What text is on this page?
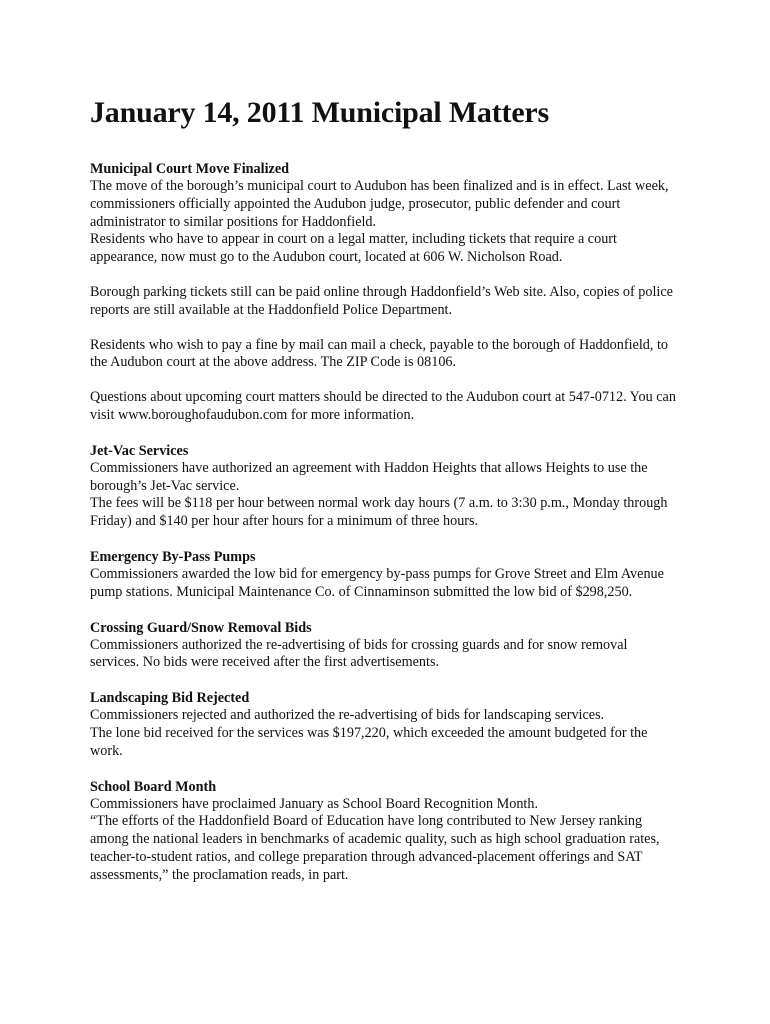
January 14, 2011 Municipal Matters
Municipal Court Move Finalized

The move of the borough’s municipal court to Audubon has been finalized and is in effect. Last week, commissioners officially appointed the Audubon judge, prosecutor, public defender and court administrator to similar positions for Haddonfield.

Residents who have to appear in court on a legal matter, including tickets that require a court appearance, now must go to the Audubon court, located at 606 W. Nicholson Road.

Borough parking tickets still can be paid online through Haddonfield’s Web site. Also, copies of police reports are still available at the Haddonfield Police Department.

Residents who wish to pay a fine by mail can mail a check, payable to the borough of Haddonfield, to the Audubon court at the above address. The ZIP Code is 08106.

Questions about upcoming court matters should be directed to the Audubon court at 547-0712. You can visit www.boroughofaudubon.com for more information.

Jet-Vac Services

Commissioners have authorized an agreement with Haddon Heights that allows Heights to use the borough’s Jet-Vac service.

The fees will be $118 per hour between normal work day hours (7 a.m. to 3:30 p.m., Monday through Friday) and $140 per hour after hours for a minimum of three hours.

Emergency By-Pass Pumps

Commissioners awarded the low bid for emergency by-pass pumps for Grove Street and Elm Avenue pump stations. Municipal Maintenance Co. of Cinnaminson submitted the low bid of $298,250.

Crossing Guard/Snow Removal Bids

Commissioners authorized the re-advertising of bids for crossing guards and for snow removal services. No bids were received after the first advertisements.

Landscaping Bid Rejected

Commissioners rejected and authorized the re-advertising of bids for landscaping services.

The lone bid received for the services was $197,220, which exceeded the amount budgeted for the work.

School Board Month

Commissioners have proclaimed January as School Board Recognition Month.

“The efforts of the Haddonfield Board of Education have long contributed to New Jersey ranking among the national leaders in benchmarks of academic quality, such as high school graduation rates, teacher-to-student ratios, and college preparation through advanced-placement offerings and SAT assessments,” the proclamation reads, in part.
